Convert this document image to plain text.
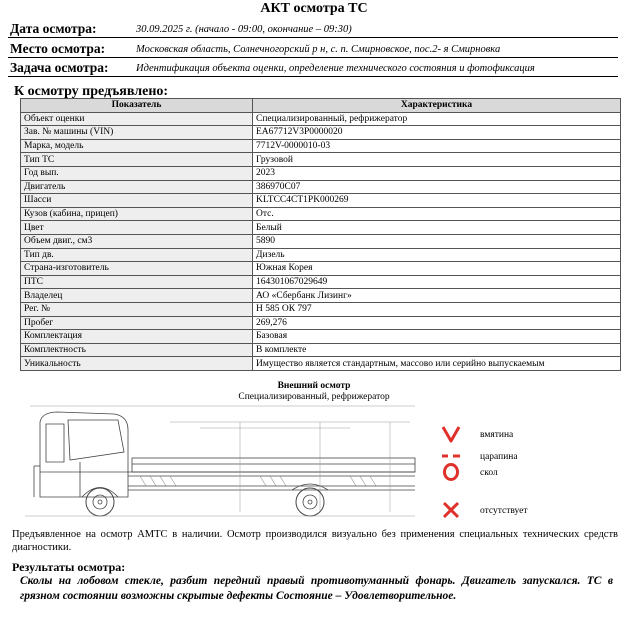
АКТ осмотра ТС
Дата осмотра:	30.09.2025 г. (начало - 09:00, окончание – 09:30)
Место осмотра:	Московская область, Солнечногорский р н, с. п. Смирновское, пос.2- я Смирновка
Задача осмотра:	Идентификация объекта оценки, определение технического состояния и фотофиксация
К осмотру предъявлено:
Показатель	Характеристика
Объект оценки	Специализированный, рефрижератор
Зав. № машины (VIN)	EA67712V3P0000020
Марка, модель	7712V-0000010-03
Тип ТС	Грузовой
Год вып.	2023
Двигатель	386970C07
Шасси	KLTCC4CT1PK000269
Кузов (кабина, прицеп)	Отс.
Цвет	Белый
Объем двиг., см3	5890
Тип дв.	Дизель
Страна-изготовитель	Южная Корея
ПТС	164301067029649
Владелец	АО «Сбербанк Лизинг»
Рег. №	Н 585 ОК 797
Пробег	269,276
Комплектация	Базовая
Комплектность	В комплекте
Уникальность	Имущество является стандартным, массово или серийно выпускаемым
Внешний осмотр
Специализированный, рефрижератор
вмятина
царапина
скол
отсутствует
Предъявленное на осмотр АМТС в наличии. Осмотр производился визуально без применения специальных технических средств диагностики.
Результаты осмотра:
Сколы на лобовом стекле, разбит передний правый противотуманный фонарь. Двигатель запускался. ТС в грязном состоянии возможны скрытые дефекты Состояние – Удовлетворительное.
